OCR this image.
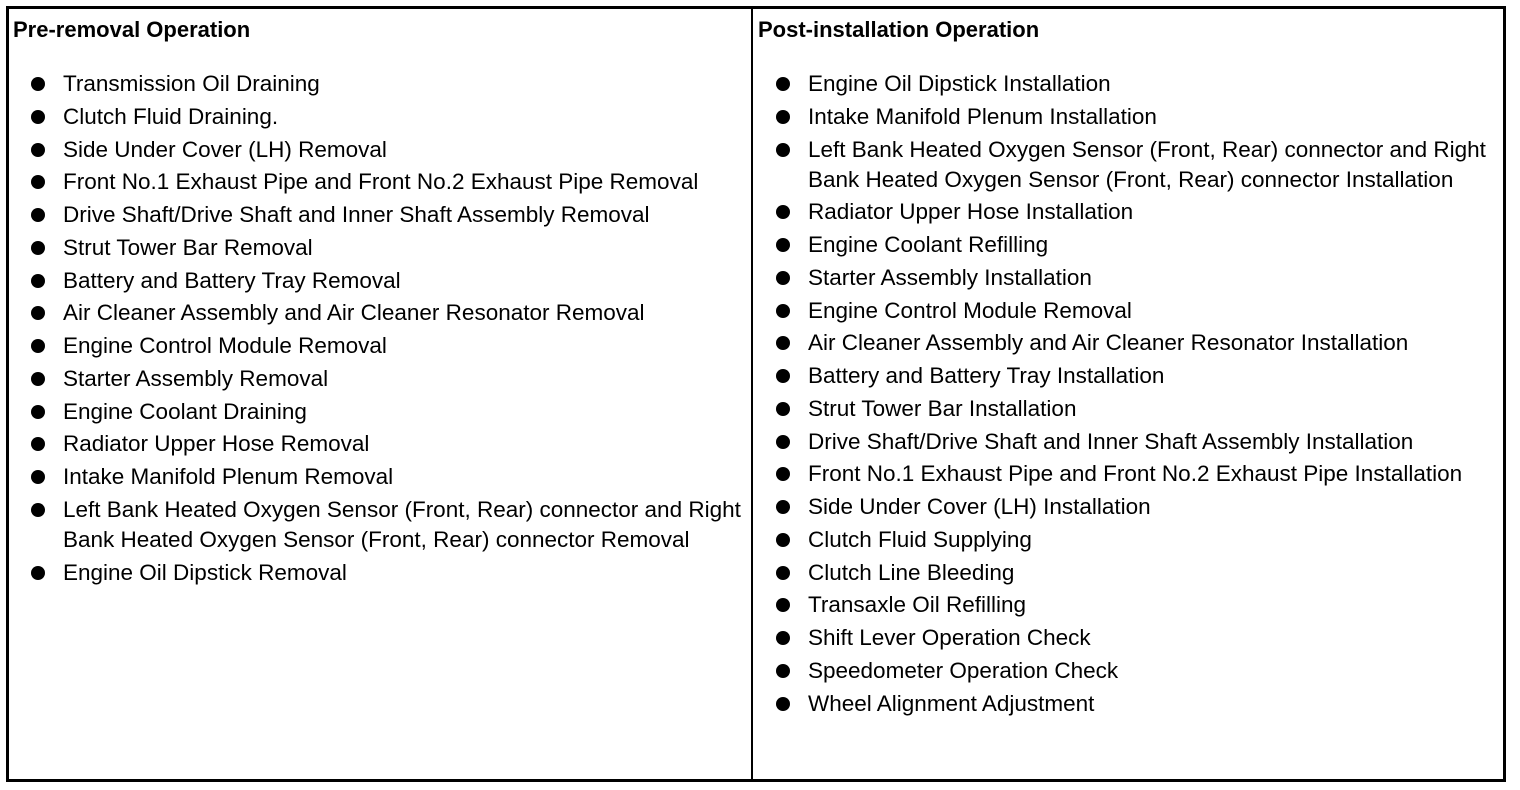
Pre-removal Operation
Transmission Oil Draining
Clutch Fluid Draining.
Side Under Cover (LH) Removal
Front No.1 Exhaust Pipe and Front No.2 Exhaust Pipe Removal
Drive Shaft/Drive Shaft and Inner Shaft Assembly Removal
Strut Tower Bar Removal
Battery and Battery Tray Removal
Air Cleaner Assembly and Air Cleaner Resonator Removal
Engine Control Module Removal
Starter Assembly Removal
Engine Coolant Draining
Radiator Upper Hose Removal
Intake Manifold Plenum Removal
Left Bank Heated Oxygen Sensor (Front, Rear) connector and Right Bank Heated Oxygen Sensor (Front, Rear) connector Removal
Engine Oil Dipstick Removal
Post-installation Operation
Engine Oil Dipstick Installation
Intake Manifold Plenum Installation
Left Bank Heated Oxygen Sensor (Front, Rear) connector and Right Bank Heated Oxygen Sensor (Front, Rear) connector Installation
Radiator Upper Hose Installation
Engine Coolant Refilling
Starter Assembly Installation
Engine Control Module Removal
Air Cleaner Assembly and Air Cleaner Resonator Installation
Battery and Battery Tray Installation
Strut Tower Bar Installation
Drive Shaft/Drive Shaft and Inner Shaft Assembly Installation
Front No.1 Exhaust Pipe and Front No.2 Exhaust Pipe Installation
Side Under Cover (LH) Installation
Clutch Fluid Supplying
Clutch Line Bleeding
Transaxle Oil Refilling
Shift Lever Operation Check
Speedometer Operation Check
Wheel Alignment Adjustment
